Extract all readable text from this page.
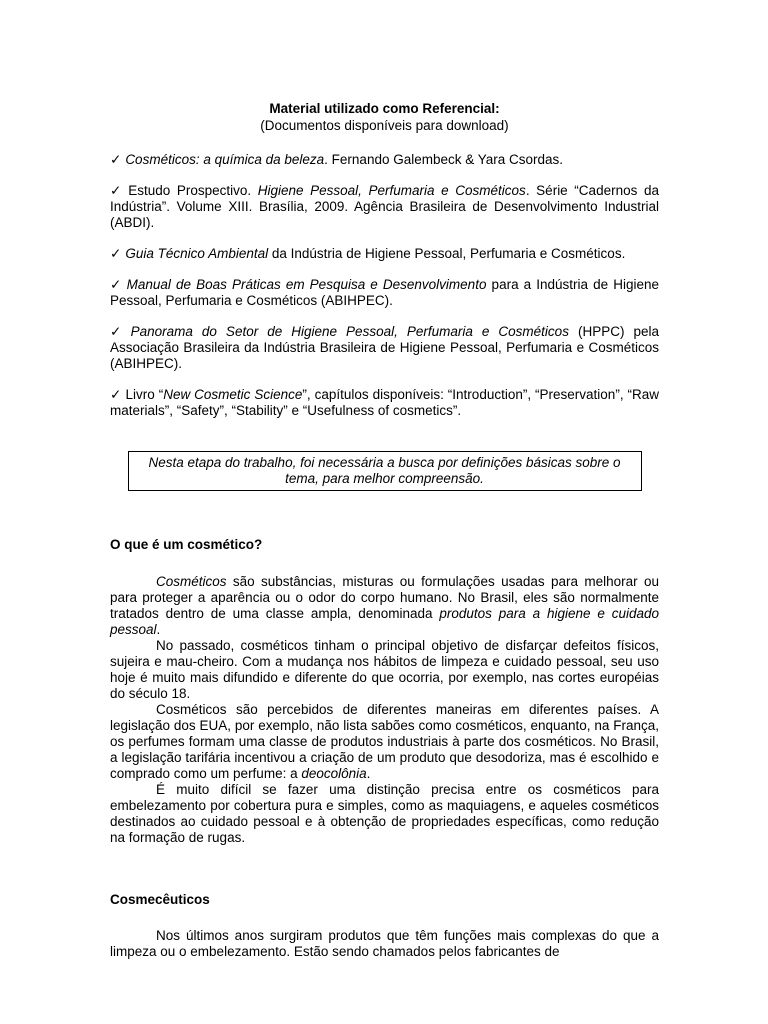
Material utilizado como Referencial:
(Documentos disponíveis para download)

✓ Cosméticos: a química da beleza. Fernando Galembeck & Yara Csordas.

✓ Estudo Prospectivo. Higiene Pessoal, Perfumaria e Cosméticos. Série “Cadernos da Indústria”. Volume XIII. Brasília, 2009. Agência Brasileira de Desenvolvimento Industrial (ABDI).

✓ Guia Técnico Ambiental da Indústria de Higiene Pessoal, Perfumaria e Cosméticos.

✓ Manual de Boas Práticas em Pesquisa e Desenvolvimento para a Indústria de Higiene Pessoal, Perfumaria e Cosméticos (ABIHPEC).

✓ Panorama do Setor de Higiene Pessoal, Perfumaria e Cosméticos (HPPC) pela Associação Brasileira da Indústria Brasileira de Higiene Pessoal, Perfumaria e Cosméticos (ABIHPEC).

✓ Livro “New Cosmetic Science”, capítulos disponíveis: “Introduction”, “Preservation”, “Raw materials”, “Safety”, “Stability” e “Usefulness of cosmetics”.

Nesta etapa do trabalho, foi necessária a busca por definições básicas sobre o tema, para melhor compreensão.
O que é um cosmético?

Cosméticos são substâncias, misturas ou formulações usadas para melhorar ou para proteger a aparência ou o odor do corpo humano. No Brasil, eles são normalmente tratados dentro de uma classe ampla, denominada produtos para a higiene e cuidado pessoal.

No passado, cosméticos tinham o principal objetivo de disfarçar defeitos físicos, sujeira e mau-cheiro. Com a mudança nos hábitos de limpeza e cuidado pessoal, seu uso hoje é muito mais difundido e diferente do que ocorria, por exemplo, nas cortes européias do século 18.

Cosméticos são percebidos de diferentes maneiras em diferentes países. A legislação dos EUA, por exemplo, não lista sabões como cosméticos, enquanto, na França, os perfumes formam uma classe de produtos industriais à parte dos cosméticos. No Brasil, a legislação tarifária incentivou a criação de um produto que desodoriza, mas é escolhido e comprado como um perfume: a deocolônia.

É muito difícil se fazer uma distinção precisa entre os cosméticos para embelezamento por cobertura pura e simples, como as maquiagens, e aqueles cosméticos destinados ao cuidado pessoal e à obtenção de propriedades específicas, como redução na formação de rugas.

Cosmecêuticos

Nos últimos anos surgiram produtos que têm funções mais complexas do que a limpeza ou o embelezamento. Estão sendo chamados pelos fabricantes de
